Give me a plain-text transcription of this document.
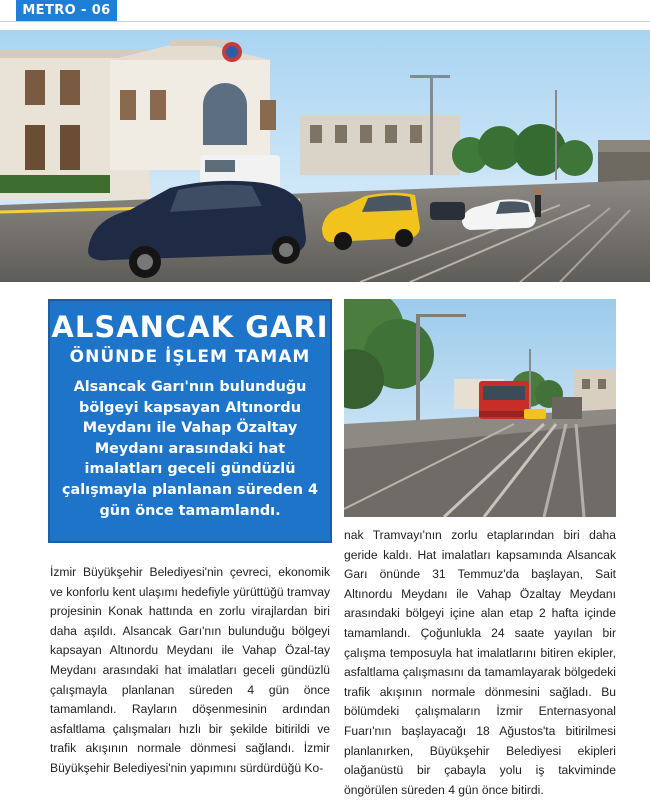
METRO - 06
ALSANCAK GARI
ÖNÜNDE İŞLEM TAMAM
Alsancak Garı'nın bulunduğu bölgeyi kapsayan Altınordu Meydanı ile Vahap Özaltay Meydanı arasındaki hat imalatları geceli gündüzlü çalışmayla planlanan süreden 4 gün önce tamamlandı.
İzmir Büyükşehir Belediyesi'nin çevreci, ekonomik ve konforlu kent ulaşımı hedefiyle yürüttüğü tramvay projesinin Konak hattında en zorlu virajlardan biri daha aşıldı. Alsancak Garı'nın bulunduğu bölgeyi kapsayan Altınordu Meydanı ile Vahap Özal-tay Meydanı arasındaki hat imalatları geceli gündüzlü çalışmayla planlanan süreden 4 gün önce tamamlandı. Rayların döşenmesinin ardından asfaltlama çalışmaları hızlı bir şekilde bitirildi ve trafik akışının normale dönmesi sağlandı. İzmir Büyükşehir Belediyesi'nin yapımını sürdürdüğü Ko-
nak Tramvayı'nın zorlu etaplarından biri daha geride kaldı. Hat imalatları kapsamında Alsancak Garı önünde 31 Temmuz'da başlayan, Sait Altınordu Meydanı ile Vahap Özaltay Meydanı arasındaki bölgeyi içine alan etap 2 hafta içinde tamamlandı. Çoğunlukla 24 saate yayılan bir çalışma temposuyla hat imalatlarını bitiren ekipler, asfaltlama çalışmasını da tamamlayarak bölgedeki trafik akışının normale dönmesini sağladı. Bu bölümdeki çalışmaların İzmir Enternasyonal Fuarı'nın başlayacağı 18 Ağustos'ta bitirilmesi planlanırken, Büyükşehir Belediyesi ekipleri olağanüstü bir çabayla yolu iş takviminde öngörülen süreden 4 gün önce bitirdi.
